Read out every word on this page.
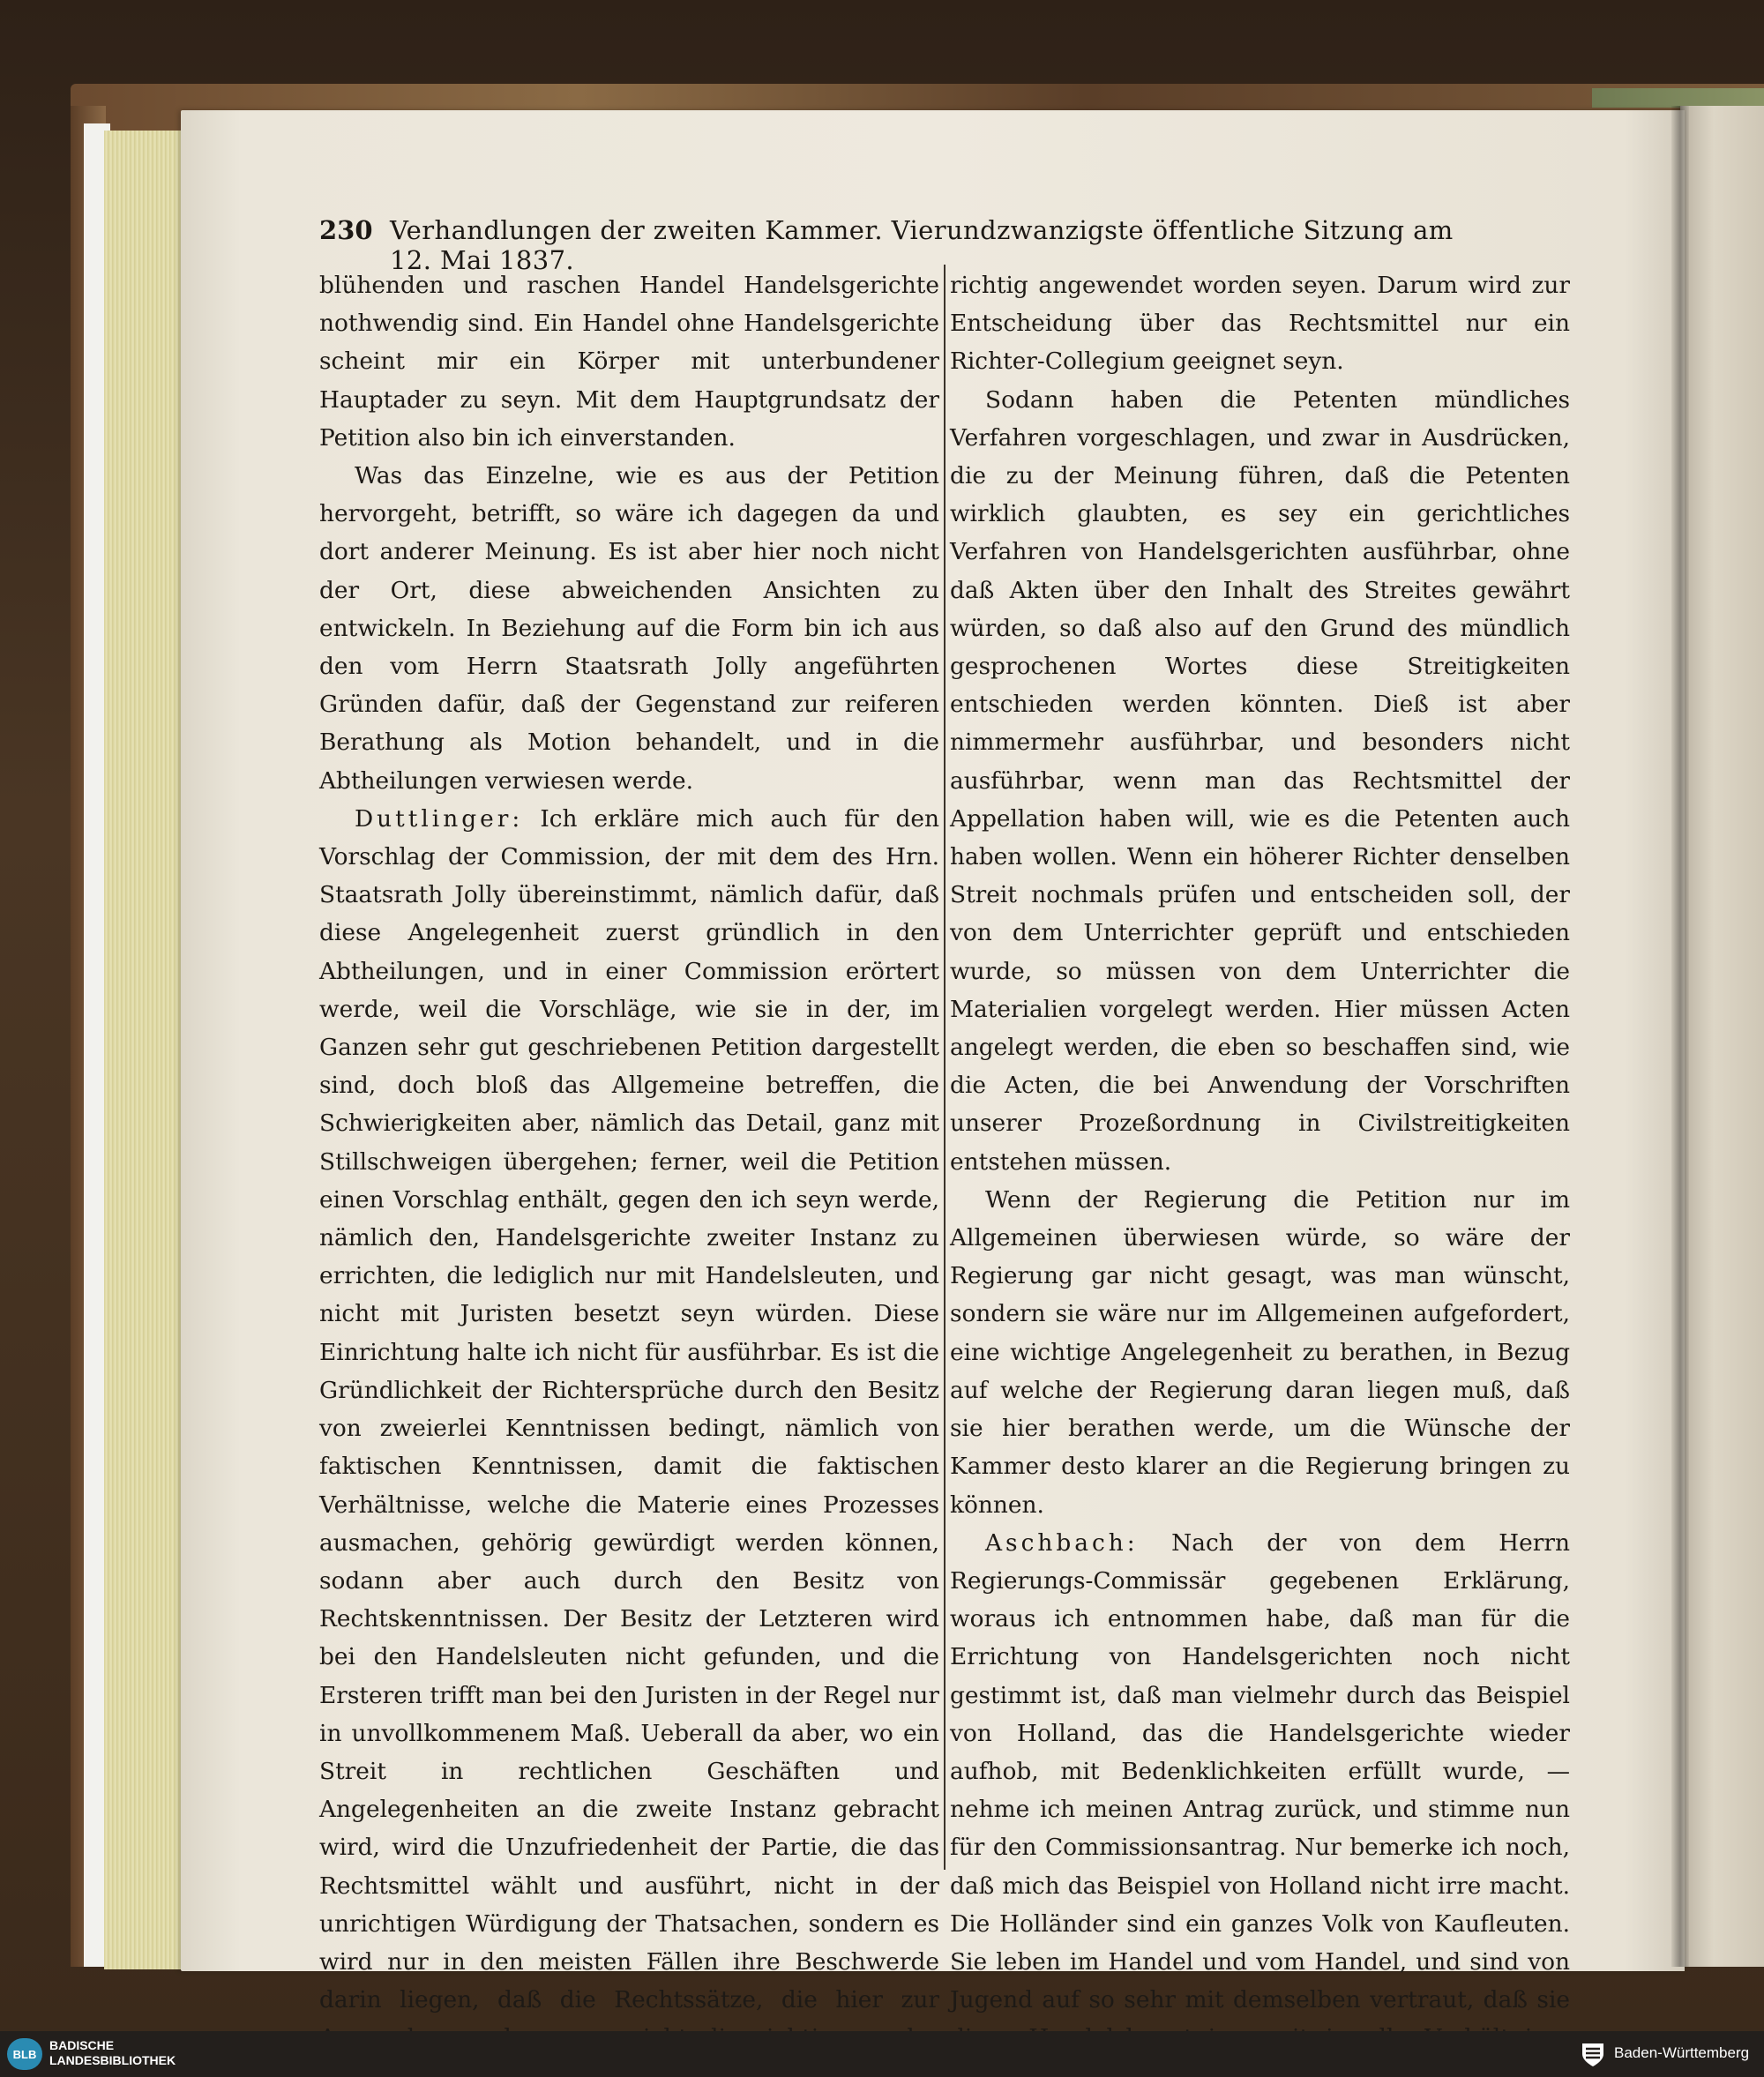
230 Verhandlungen der zweiten Kammer. Vierundzwanzigste öffentliche Sitzung am 12. Mai 1837.

blühenden und raschen Handel Handelsgerichte nothwendig sind. Ein Handel ohne Handelsgerichte scheint mir ein Körper mit unterbundener Hauptader zu seyn. Mit dem Hauptgrundsatz der Petition also bin ich einverstanden.

Was das Einzelne, wie es aus der Petition hervorgeht, betrifft, so wäre ich dagegen da und dort anderer Meinung. Es ist aber hier noch nicht der Ort, diese abweichenden Ansichten zu entwickeln. In Beziehung auf die Form bin ich aus den vom Herrn Staatsrath Jolly angeführten Gründen dafür, daß der Gegenstand zur reiferen Berathung als Motion behandelt, und in die Abtheilungen verwiesen werde.

Duttlinger: Ich erkläre mich auch für den Vorschlag der Commission, der mit dem des Hrn. Staatsrath Jolly übereinstimmt, nämlich dafür, daß diese Angelegenheit zuerst gründlich in den Abtheilungen, und in einer Commission erörtert werde, weil die Vorschläge, wie sie in der, im Ganzen sehr gut geschriebenen Petition dargestellt sind, doch bloß das Allgemeine betreffen, die Schwierigkeiten aber, nämlich das Detail, ganz mit Stillschweigen übergehen; ferner, weil die Petition einen Vorschlag enthält, gegen den ich seyn werde, nämlich den, Handelsgerichte zweiter Instanz zu errichten, die lediglich nur mit Handelsleuten, und nicht mit Juristen besetzt seyn würden. Diese Einrichtung halte ich nicht für ausführbar. Es ist die Gründlichkeit der Richtersprüche durch den Besitz von zweierlei Kenntnissen bedingt, nämlich von faktischen Kenntnissen, damit die faktischen Verhältnisse, welche die Materie eines Prozesses ausmachen, gehörig gewürdigt werden können, sodann aber auch durch den Besitz von Rechtskenntnissen. Der Besitz der Letzteren wird bei den Handelsleuten nicht gefunden, und die Ersteren trifft man bei den Juristen in der Regel nur in unvollkommenem Maß. Ueberall da aber, wo ein Streit in rechtlichen Geschäften und Angelegenheiten an die zweite Instanz gebracht wird, wird die Unzufriedenheit der Partie, die das Rechtsmittel wählt und ausführt, nicht in der unrichtigen Würdigung der Thatsachen, sondern es wird nur in den meisten Fällen ihre Beschwerde darin liegen, daß die Rechtssätze, die hier zur

richtig angewendet worden seyen. Darum wird zur Entscheidung über das Rechtsmittel nur ein Richter-Collegium geeignet seyn.

Sodann haben die Petenten mündliches Verfahren vorgeschlagen, und zwar in Ausdrücken, die zu der Meinung führen, daß die Petenten wirklich glaubten, es sey ein gerichtliches Verfahren von Handelsgerichten ausführbar, ohne daß Akten über den Inhalt des Streites gewährt würden, so daß also auf den Grund des mündlich gesprochenen Wortes diese Streitigkeiten entschieden werden könnten. Dieß ist aber nimmermehr ausführbar, und besonders nicht ausführbar, wenn man das Rechtsmittel der Appellation haben will, wie es die Petenten auch haben wollen. Wenn ein höherer Richter denselben Streit nochmals prüfen und entscheiden soll, der von dem Unterrichter geprüft und entschieden wurde, so müssen von dem Unterrichter die Materialien vorgelegt werden. Hier müssen Acten angelegt werden, die eben so beschaffen sind, wie die Acten, die bei Anwendung der Vorschriften unserer Prozeßordnung in Civilstreitigkeiten entstehen müssen.

Wenn der Regierung die Petition nur im Allgemeinen überwiesen würde, so wäre der Regierung gar nicht gesagt, was man wünscht, sondern sie wäre nur im Allgemeinen aufgefordert, eine wichtige Angelegenheit zu berathen, in Bezug auf welche der Regierung daran liegen muß, daß sie hier berathen werde, um die Wünsche der Kammer desto klarer an die Regierung bringen zu können.

Aschbach: Nach der von dem Herrn Regierungs-Commissär gegebenen Erklärung, woraus ich entnommen habe, daß man für die Errichtung von Handelsgerichten noch nicht gestimmt ist, daß man vielmehr durch das Beispiel von Holland, das die Handelsgerichte wieder aufhob, mit Bedenklichkeiten erfüllt wurde, — nehme ich meinen Antrag zurück, und stimme nun für den Commissionsantrag. Nur bemerke ich noch, daß mich das Beispiel von Holland nicht irre macht. Die Holländer sind ein ganzes Volk von Kaufleuten. Sie leben im Handel und vom Handel, und sind von Jugend auf so sehr mit demselben vertraut, daß sie

BLB
BADISCHE
LANDESBIBLIOTHEK	Baden-Württemberg
